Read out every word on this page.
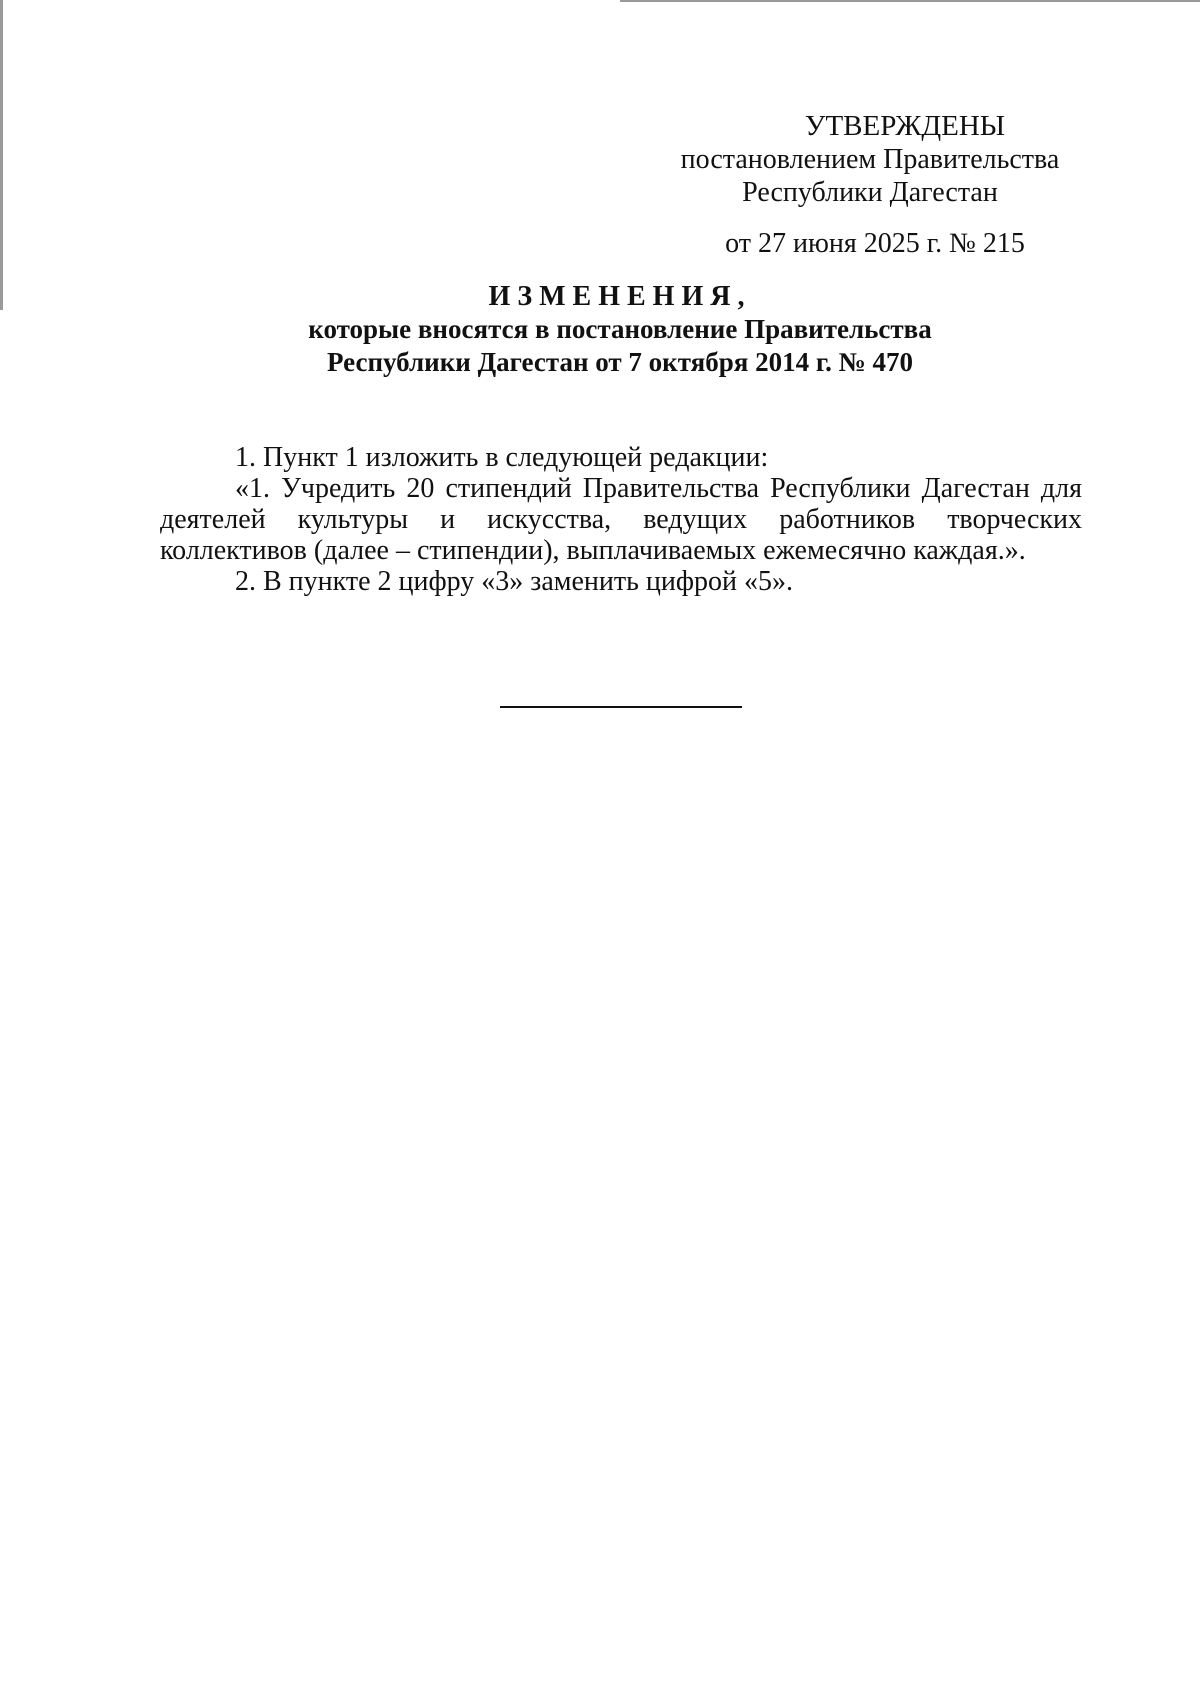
УТВЕРЖДЕНЫ
постановлением Правительства
Республики Дагестан
от 27 июня 2025 г. № 215
ИЗМЕНЕНИЯ,
которые вносятся в постановление Правительства
Республики Дагестан от 7 октября 2014 г. № 470

1. Пункт 1 изложить в следующей редакции:

«1. Учредить 20 стипендий Правительства Республики Дагестан для деятелей культуры и искусства, ведущих работников творческих коллективов (далее – стипендии), выплачиваемых ежемесячно каждая.».

2. В пункте 2 цифру «3» заменить цифрой «5».
